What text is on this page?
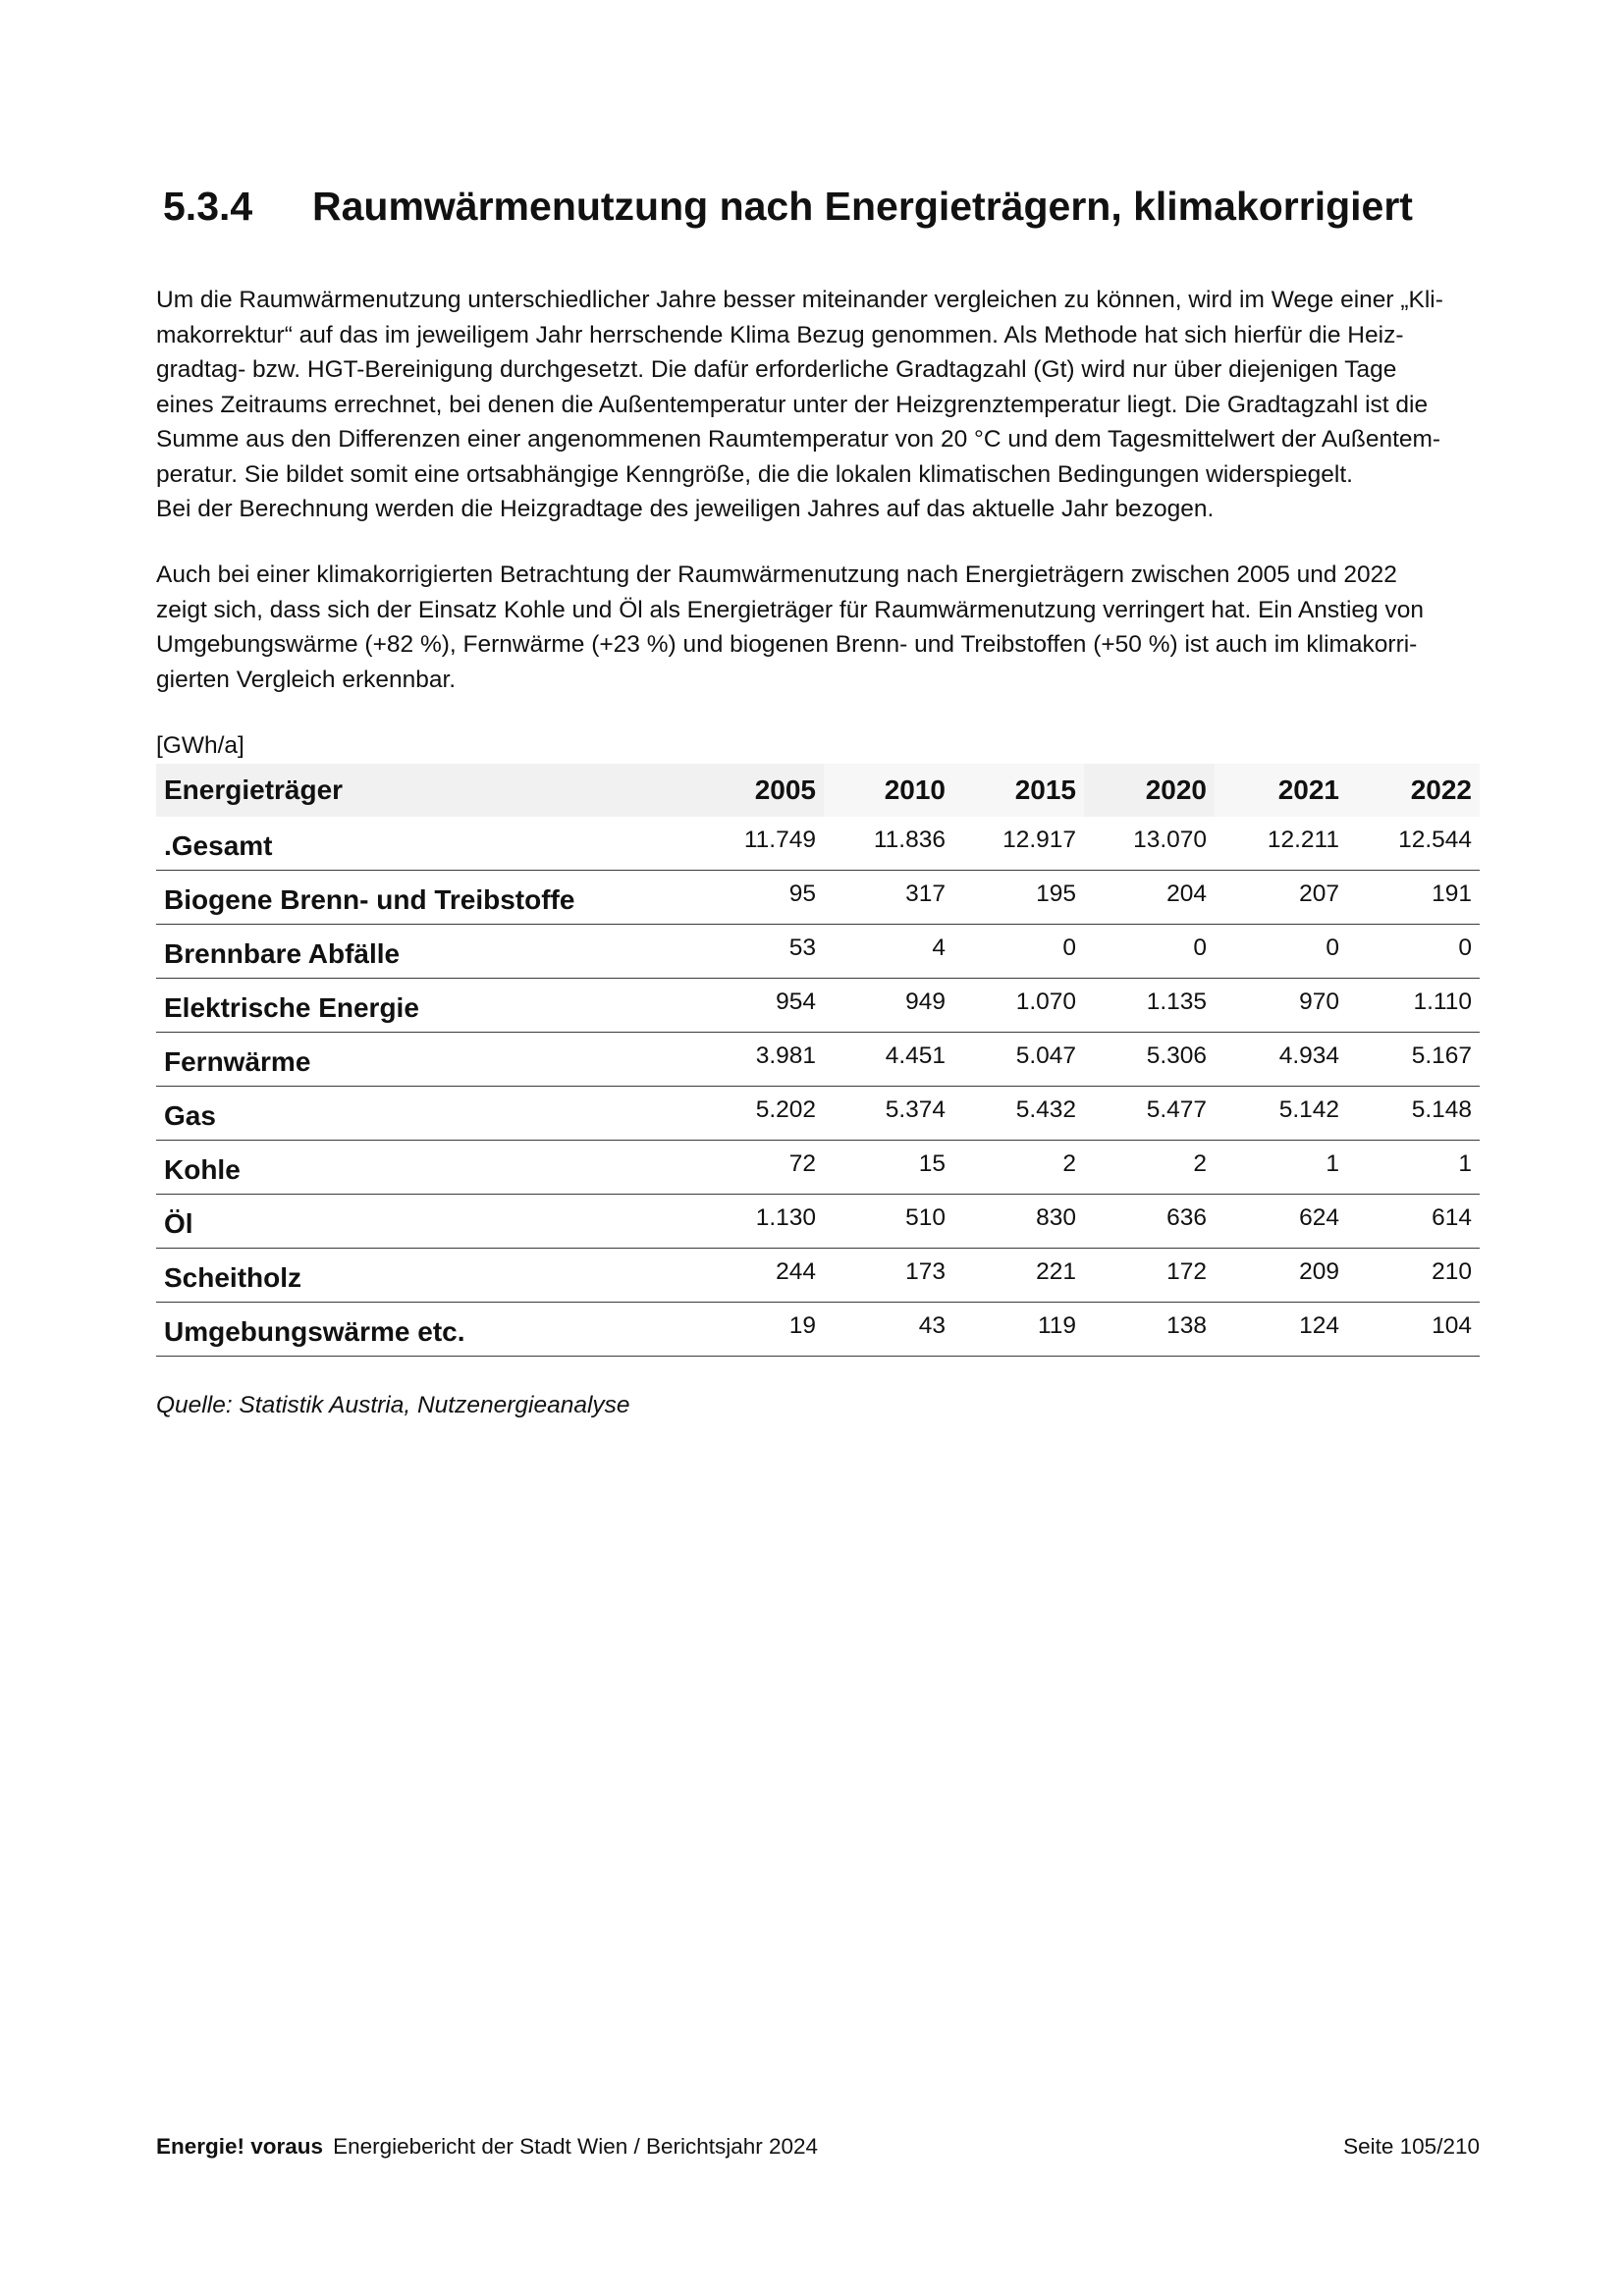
5.3.4	Raumwärmenutzung nach Energieträgern, klimakorrigiert

Um die Raumwärmenutzung unterschiedlicher Jahre besser miteinander vergleichen zu können, wird im Wege einer „Kli-
makorrektur“ auf das im jeweiligem Jahr herrschende Klima Bezug genommen. Als Methode hat sich hierfür die Heiz-
gradtag- bzw. HGT-Bereinigung durchgesetzt. Die dafür erforderliche Gradtagzahl (Gt) wird nur über diejenigen Tage
eines Zeitraums errechnet, bei denen die Außentemperatur unter der Heizgrenztemperatur liegt. Die Gradtagzahl ist die
Summe aus den Differenzen einer angenommenen Raumtemperatur von 20 °C und dem Tagesmittelwert der Außentem-
peratur. Sie bildet somit eine ortsabhängige Kenngröße, die die lokalen klimatischen Bedingungen widerspiegelt.
Bei der Berechnung werden die Heizgradtage des jeweiligen Jahres auf das aktuelle Jahr bezogen.

Auch bei einer klimakorrigierten Betrachtung der Raumwärmenutzung nach Energieträgern zwischen 2005 und 2022
zeigt sich, dass sich der Einsatz Kohle und Öl als Energieträger für Raumwärmenutzung verringert hat. Ein Anstieg von
Umgebungswärme (+82 %), Fernwärme (+23 %) und biogenen Brenn- und Treibstoffen (+50 %) ist auch im klimakorri-
gierten Vergleich erkennbar.

[GWh/a]
Energieträger	2005	2010	2015	2020	2021	2022
.Gesamt	11.749	11.836	12.917	13.070	12.211	12.544
Biogene Brenn- und Treibstoffe	95	317	195	204	207	191
Brennbare Abfälle	53	4	0	0	0	0
Elektrische Energie	954	949	1.070	1.135	970	1.110
Fernwärme	3.981	4.451	5.047	5.306	4.934	5.167
Gas	5.202	5.374	5.432	5.477	5.142	5.148
Kohle	72	15	2	2	1	1
Öl	1.130	510	830	636	624	614
Scheitholz	244	173	221	172	209	210
Umgebungswärme etc.	19	43	119	138	124	104
Quelle: Statistik Austria, Nutzenergieanalyse
Energie! voraus Energiebericht der Stadt Wien / Berichtsjahr 2024	Seite 105/210
